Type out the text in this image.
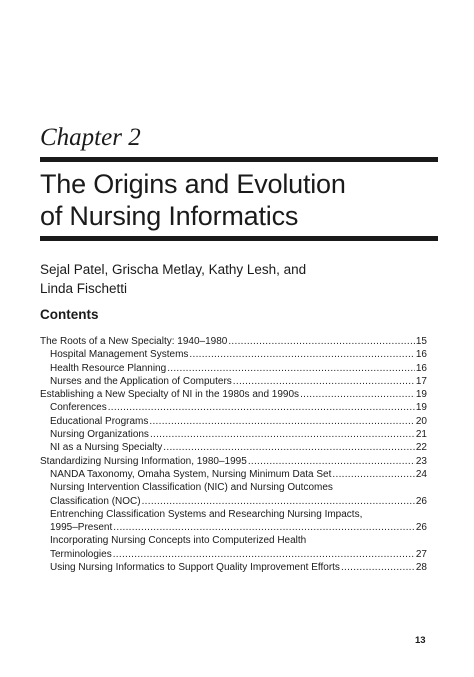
Chapter 2
The Origins and Evolution
of Nursing Informatics
Sejal Patel, Grischa Metlay, Kathy Lesh, and
Linda Fischetti
Contents
The Roots of a New Specialty: 1940–1980 .....	15
Hospital Management Systems .....	16
Health Resource Planning .....	16
Nurses and the Application of Computers .....	17
Establishing a New Specialty of NI in the 1980s and 1990s .....	19
Conferences .....	19
Educational Programs .....	20
Nursing Organizations .....	21
NI as a Nursing Specialty .....	22
Standardizing Nursing Information, 1980–1995 .....	23
NANDA Taxonomy, Omaha System, Nursing Minimum Data Set .....	24
Nursing Intervention Classification (NIC) and Nursing Outcomes
Classification (NOC) .....	26
Entrenching Classification Systems and Researching Nursing Impacts,
1995–Present .....	26
Incorporating Nursing Concepts into Computerized Health
Terminologies .....	27
Using Nursing Informatics to Support Quality Improvement Efforts .....	28
13
